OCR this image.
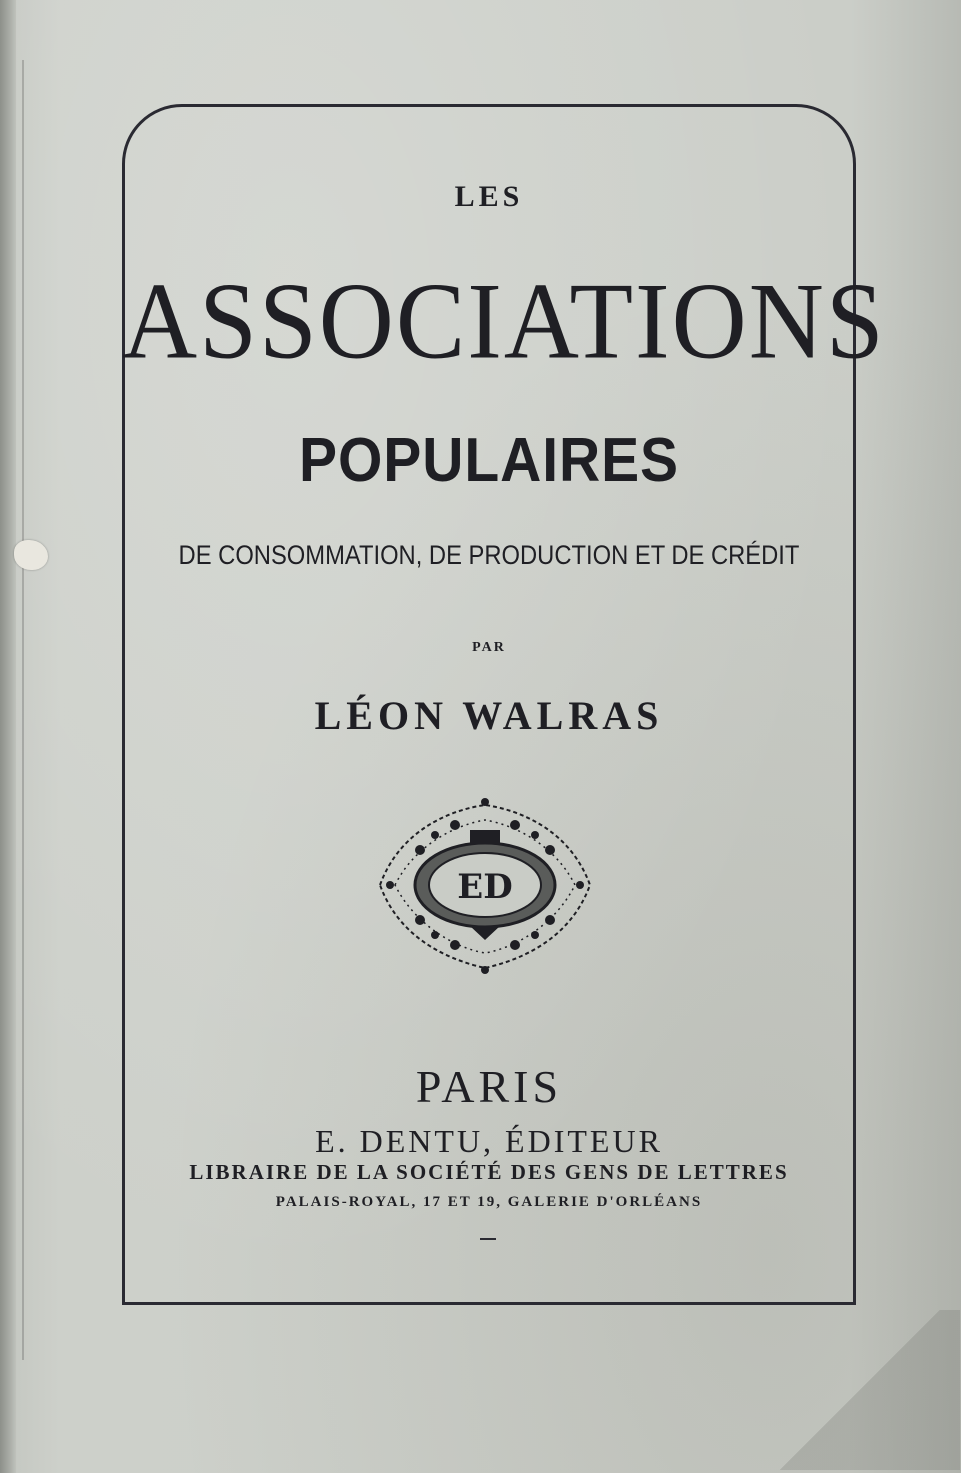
LES
ASSOCIATIONS
POPULAIRES
DE CONSOMMATION, DE PRODUCTION ET DE CRÉDIT
PAR
LÉON WALRAS
ED
PARIS
E. DENTU, ÉDITEUR
LIBRAIRE DE LA SOCIÉTÉ DES GENS DE LETTRES
PALAIS-ROYAL, 17 ET 19, GALERIE D'ORLÉANS
